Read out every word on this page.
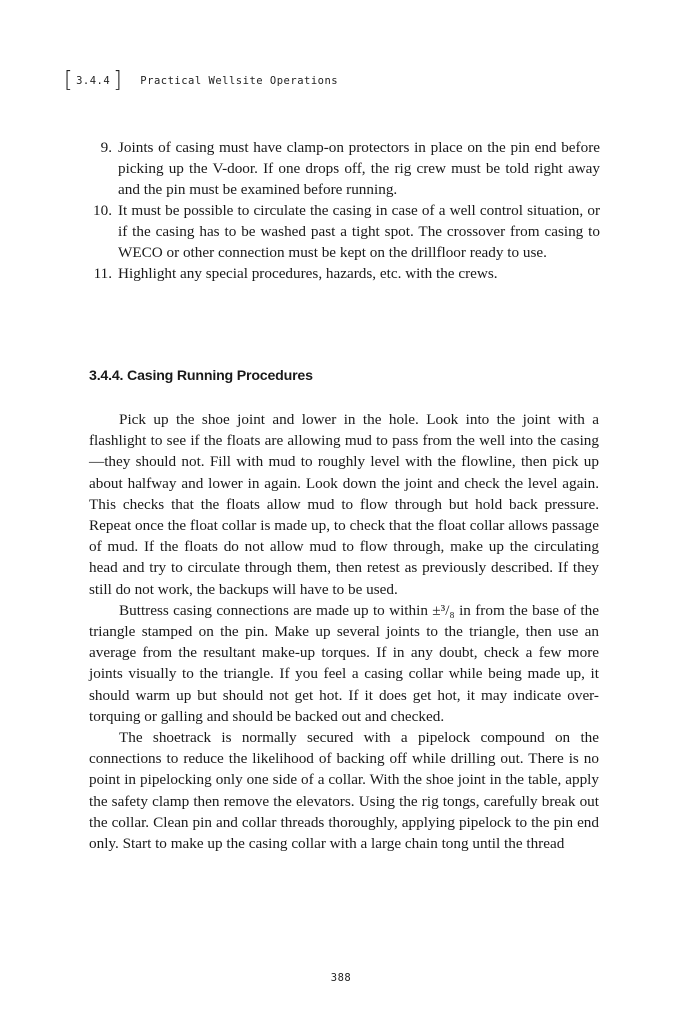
[ 3.4.4 ] Practical Wellsite Operations
9. Joints of casing must have clamp-on protectors in place on the pin end before picking up the V-door. If one drops off, the rig crew must be told right away and the pin must be examined before running.
10. It must be possible to circulate the casing in case of a well control situation, or if the casing has to be washed past a tight spot. The crossover from casing to WECO or other connection must be kept on the drillfloor ready to use.
11. Highlight any special procedures, hazards, etc. with the crews.
3.4.4. Casing Running Procedures

Pick up the shoe joint and lower in the hole. Look into the joint with a flashlight to see if the floats are allowing mud to pass from the well into the casing—they should not. Fill with mud to roughly level with the flowline, then pick up about halfway and lower in again. Look down the joint and check the level again. This checks that the floats allow mud to flow through but hold back pressure. Repeat once the float collar is made up, to check that the float collar allows passage of mud. If the floats do not allow mud to flow through, make up the circulating head and try to circulate through them, then retest as previously described. If they still do not work, the backups will have to be used.

Buttress casing connections are made up to within ±³/₈ in from the base of the triangle stamped on the pin. Make up several joints to the triangle, then use an average from the resultant make-up torques. If in any doubt, check a few more joints visually to the triangle. If you feel a casing collar while being made up, it should warm up but should not get hot. If it does get hot, it may indicate over-torquing or galling and should be backed out and checked.

The shoetrack is normally secured with a pipelock compound on the connections to reduce the likelihood of backing off while drilling out. There is no point in pipelocking only one side of a collar. With the shoe joint in the table, apply the safety clamp then remove the elevators. Using the rig tongs, carefully break out the collar. Clean pin and collar threads thoroughly, applying pipelock to the pin end only. Start to make up the casing collar with a large chain tong until the thread

388
